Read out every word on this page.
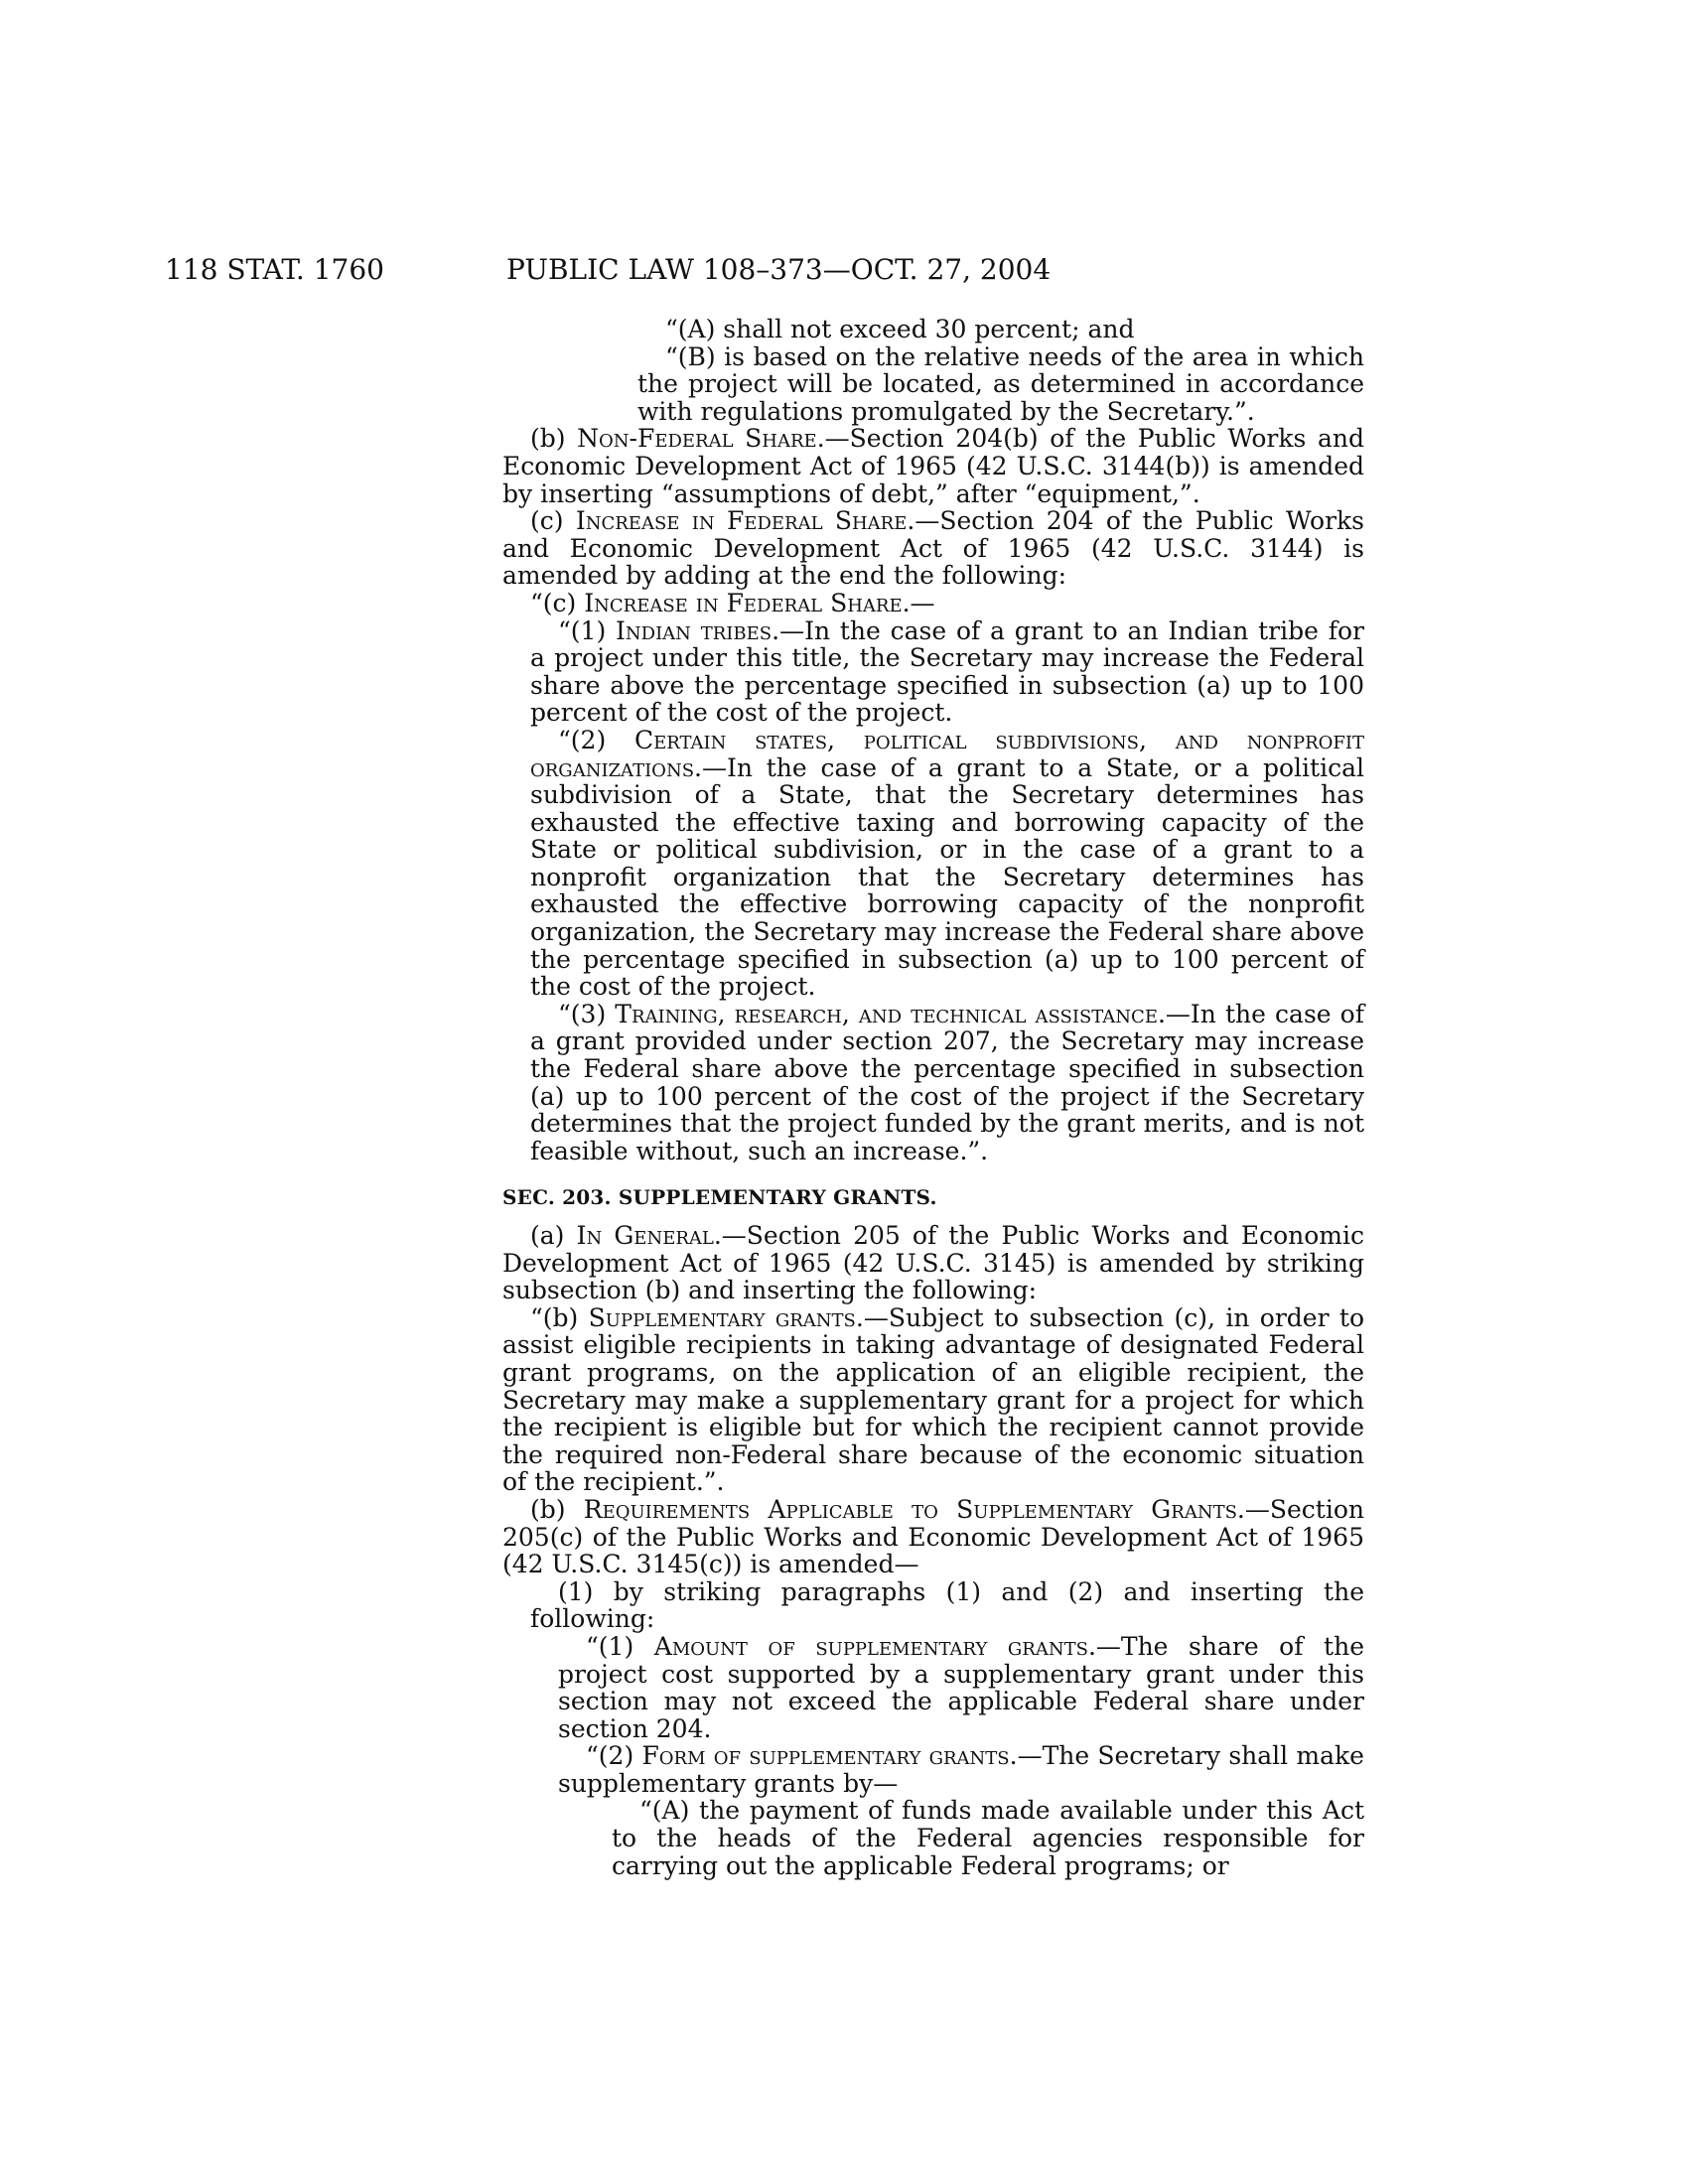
118 STAT. 1760	PUBLIC LAW 108–373—OCT. 27, 2004

“(A) shall not exceed 30 percent; and

“(B) is based on the relative needs of the area in which the project will be located, as determined in accordance with regulations promulgated by the Secretary.”.

(b) Non-Federal Share.—Section 204(b) of the Public Works and Economic Development Act of 1965 (42 U.S.C. 3144(b)) is amended by inserting “assumptions of debt,” after “equipment,”.

(c) Increase in Federal Share.—Section 204 of the Public Works and Economic Development Act of 1965 (42 U.S.C. 3144) is amended by adding at the end the following:

“(c) Increase in Federal Share.—

“(1) Indian tribes.—In the case of a grant to an Indian tribe for a project under this title, the Secretary may increase the Federal share above the percentage specified in subsection (a) up to 100 percent of the cost of the project.

“(2) Certain states, political subdivisions, and nonprofit organizations.—In the case of a grant to a State, or a political subdivision of a State, that the Secretary determines has exhausted the effective taxing and borrowing capacity of the State or political subdivision, or in the case of a grant to a nonprofit organization that the Secretary determines has exhausted the effective borrowing capacity of the nonprofit organization, the Secretary may increase the Federal share above the percentage specified in subsection (a) up to 100 percent of the cost of the project.

“(3) Training, research, and technical assistance.—In the case of a grant provided under section 207, the Secretary may increase the Federal share above the percentage specified in subsection (a) up to 100 percent of the cost of the project if the Secretary determines that the project funded by the grant merits, and is not feasible without, such an increase.”.

SEC. 203. SUPPLEMENTARY GRANTS.

(a) In General.—Section 205 of the Public Works and Economic Development Act of 1965 (42 U.S.C. 3145) is amended by striking subsection (b) and inserting the following:

“(b) Supplementary grants.—Subject to subsection (c), in order to assist eligible recipients in taking advantage of designated Federal grant programs, on the application of an eligible recipient, the Secretary may make a supplementary grant for a project for which the recipient is eligible but for which the recipient cannot provide the required non-Federal share because of the economic situation of the recipient.”.

(b) Requirements Applicable to Supplementary Grants.—Section 205(c) of the Public Works and Economic Development Act of 1965 (42 U.S.C. 3145(c)) is amended—

(1) by striking paragraphs (1) and (2) and inserting the following:

“(1) Amount of supplementary grants.—The share of the project cost supported by a supplementary grant under this section may not exceed the applicable Federal share under section 204.

“(2) Form of supplementary grants.—The Secretary shall make supplementary grants by—

“(A) the payment of funds made available under this Act to the heads of the Federal agencies responsible for carrying out the applicable Federal programs; or
